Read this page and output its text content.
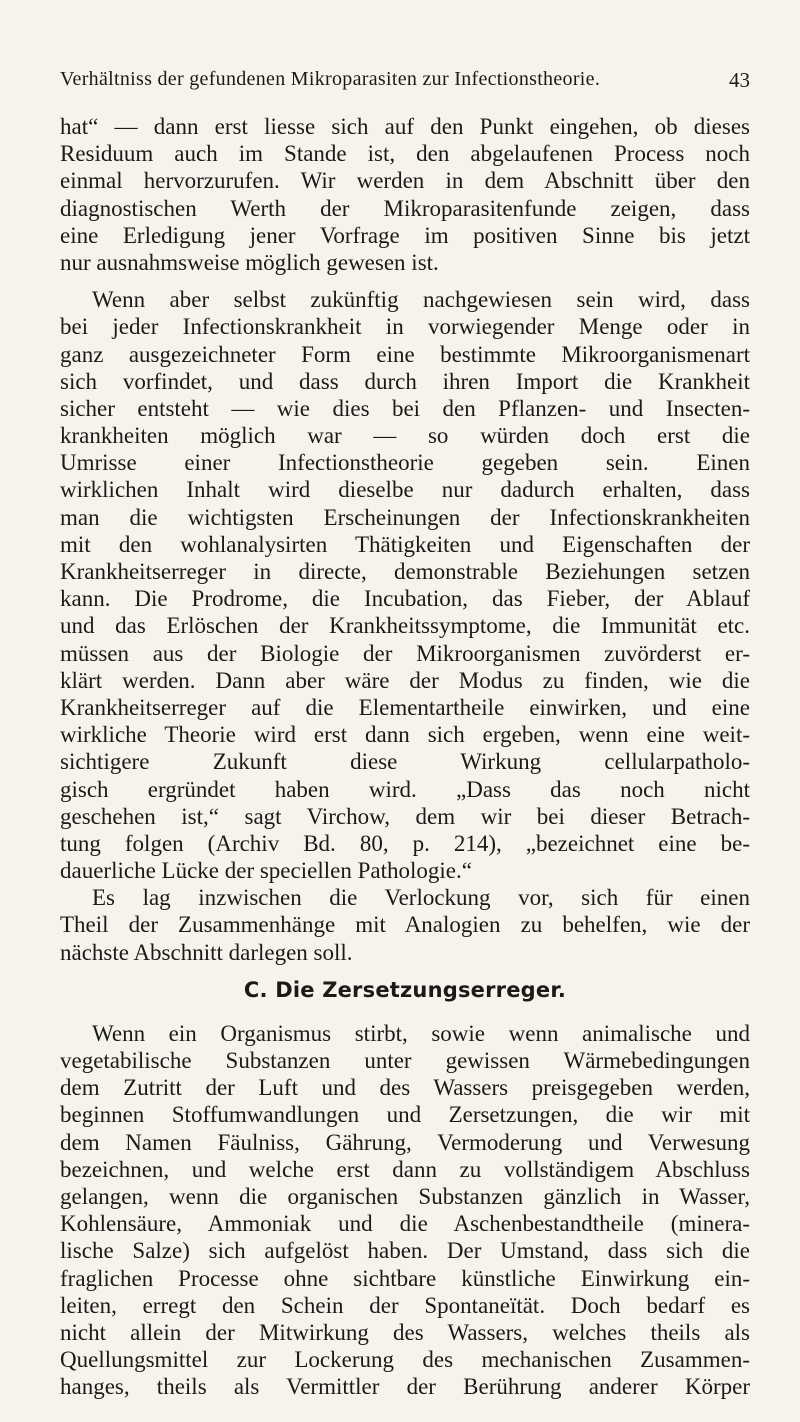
Verhältniss der gefundenen Mikroparasiten zur Infectionstheorie.	43
hat“ — dann erst liesse sich auf den Punkt eingehen, ob dieses
Residuum auch im Stande ist, den abgelaufenen Process noch
einmal hervorzurufen. Wir werden in dem Abschnitt über den
diagnostischen Werth der Mikroparasitenfunde zeigen, dass
eine Erledigung jener Vorfrage im positiven Sinne bis jetzt
nur ausnahmsweise möglich gewesen ist.
Wenn aber selbst zukünftig nachgewiesen sein wird, dass
bei jeder Infectionskrankheit in vorwiegender Menge oder in
ganz ausgezeichneter Form eine bestimmte Mikroorganismenart
sich vorfindet, und dass durch ihren Import die Krankheit
sicher entsteht — wie dies bei den Pflanzen- und Insecten-
krankheiten möglich war — so würden doch erst die
Umrisse einer Infectionstheorie gegeben sein. Einen
wirklichen Inhalt wird dieselbe nur dadurch erhalten, dass
man die wichtigsten Erscheinungen der Infectionskrankheiten
mit den wohlanalysirten Thätigkeiten und Eigenschaften der
Krankheitserreger in directe, demonstrable Beziehungen setzen
kann. Die Prodrome, die Incubation, das Fieber, der Ablauf
und das Erlöschen der Krankheitssymptome, die Immunität etc.
müssen aus der Biologie der Mikroorganismen zuvörderst er-
klärt werden. Dann aber wäre der Modus zu finden, wie die
Krankheitserreger auf die Elementartheile einwirken, und eine
wirkliche Theorie wird erst dann sich ergeben, wenn eine weit-
sichtigere Zukunft diese Wirkung cellularpatholo-
gisch ergründet haben wird. „Dass das noch nicht
geschehen ist,“ sagt Virchow, dem wir bei dieser Betrach-
tung folgen (Archiv Bd. 80, p. 214), „bezeichnet eine be-
dauerliche Lücke der speciellen Pathologie.“
Es lag inzwischen die Verlockung vor, sich für einen
Theil der Zusammenhänge mit Analogien zu behelfen, wie der
nächste Abschnitt darlegen soll.
C. Die Zersetzungserreger.
Wenn ein Organismus stirbt, sowie wenn animalische und
vegetabilische Substanzen unter gewissen Wärmebedingungen
dem Zutritt der Luft und des Wassers preisgegeben werden,
beginnen Stoffumwandlungen und Zersetzungen, die wir mit
dem Namen Fäulniss, Gährung, Vermoderung und Verwesung
bezeichnen, und welche erst dann zu vollständigem Abschluss
gelangen, wenn die organischen Substanzen gänzlich in Wasser,
Kohlensäure, Ammoniak und die Aschenbestandtheile (minera-
lische Salze) sich aufgelöst haben. Der Umstand, dass sich die
fraglichen Processe ohne sichtbare künstliche Einwirkung ein-
leiten, erregt den Schein der Spontaneïtät. Doch bedarf es
nicht allein der Mitwirkung des Wassers, welches theils als
Quellungsmittel zur Lockerung des mechanischen Zusammen-
hanges, theils als Vermittler der Berührung anderer Körper
